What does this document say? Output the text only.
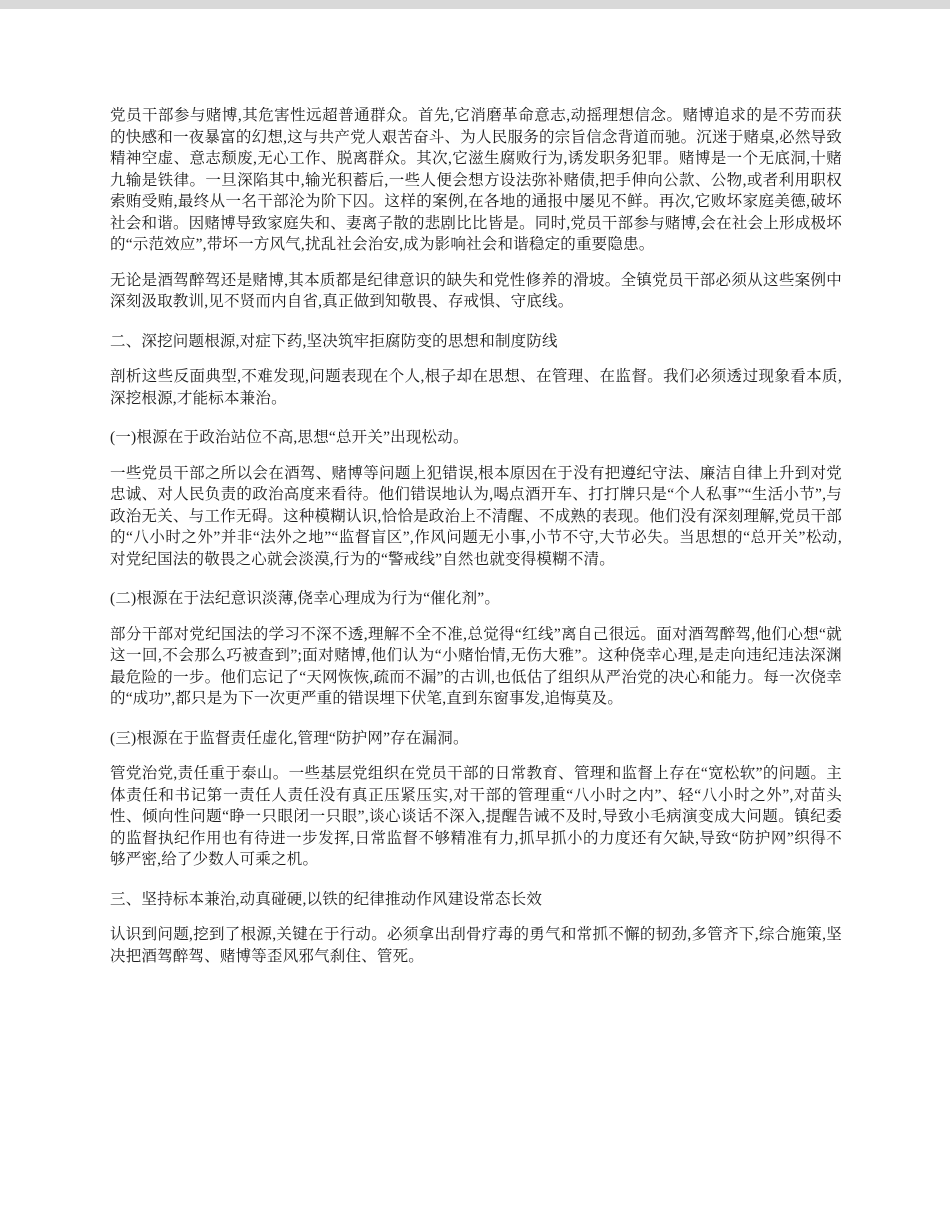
党员干部参与赌博,其危害性远超普通群众。首先,它消磨革命意志,动摇理想信念。赌博追求的是不劳而获的快感和一夜暴富的幻想,这与共产党人艰苦奋斗、为人民服务的宗旨信念背道而驰。沉迷于赌桌,必然导致精神空虚、意志颓废,无心工作、脱离群众。其次,它滋生腐败行为,诱发职务犯罪。赌博是一个无底洞,十赌九输是铁律。一旦深陷其中,输光积蓄后,一些人便会想方设法弥补赌债,把手伸向公款、公物,或者利用职权索贿受贿,最终从一名干部沦为阶下囚。这样的案例,在各地的通报中屡见不鲜。再次,它败坏家庭美德,破坏社会和谐。因赌博导致家庭失和、妻离子散的悲剧比比皆是。同时,党员干部参与赌博,会在社会上形成极坏的“示范效应”,带坏一方风气,扰乱社会治安,成为影响社会和谐稳定的重要隐患。
无论是酒驾醉驾还是赌博,其本质都是纪律意识的缺失和党性修养的滑坡。全镇党员干部必须从这些案例中深刻汲取教训,见不贤而内自省,真正做到知敬畏、存戒惧、守底线。
二、深挖问题根源,对症下药,坚决筑牢拒腐防变的思想和制度防线
剖析这些反面典型,不难发现,问题表现在个人,根子却在思想、在管理、在监督。我们必须透过现象看本质,深挖根源,才能标本兼治。
(一)根源在于政治站位不高,思想“总开关”出现松动。
一些党员干部之所以会在酒驾、赌博等问题上犯错误,根本原因在于没有把遵纪守法、廉洁自律上升到对党忠诚、对人民负责的政治高度来看待。他们错误地认为,喝点酒开车、打打牌只是“个人私事”“生活小节”,与政治无关、与工作无碍。这种模糊认识,恰恰是政治上不清醒、不成熟的表现。他们没有深刻理解,党员干部的“八小时之外”并非“法外之地”“监督盲区”,作风问题无小事,小节不守,大节必失。当思想的“总开关”松动,对党纪国法的敬畏之心就会淡漠,行为的“警戒线”自然也就变得模糊不清。
(二)根源在于法纪意识淡薄,侥幸心理成为行为“催化剂”。
部分干部对党纪国法的学习不深不透,理解不全不准,总觉得“红线”离自己很远。面对酒驾醉驾,他们心想“就这一回,不会那么巧被查到”;面对赌博,他们认为“小赌怡情,无伤大雅”。这种侥幸心理,是走向违纪违法深渊最危险的一步。他们忘记了“天网恢恢,疏而不漏”的古训,也低估了组织从严治党的决心和能力。每一次侥幸的“成功”,都只是为下一次更严重的错误埋下伏笔,直到东窗事发,追悔莫及。
(三)根源在于监督责任虚化,管理“防护网”存在漏洞。
管党治党,责任重于泰山。一些基层党组织在党员干部的日常教育、管理和监督上存在“宽松软”的问题。主体责任和书记第一责任人责任没有真正压紧压实,对干部的管理重“八小时之内”、轻“八小时之外”,对苗头性、倾向性问题“睁一只眼闭一只眼”,谈心谈话不深入,提醒告诫不及时,导致小毛病演变成大问题。镇纪委的监督执纪作用也有待进一步发挥,日常监督不够精准有力,抓早抓小的力度还有欠缺,导致“防护网”织得不够严密,给了少数人可乘之机。
三、坚持标本兼治,动真碰硬,以铁的纪律推动作风建设常态长效
认识到问题,挖到了根源,关键在于行动。必须拿出刮骨疗毒的勇气和常抓不懈的韧劲,多管齐下,综合施策,坚决把酒驾醉驾、赌博等歪风邪气刹住、管死。
